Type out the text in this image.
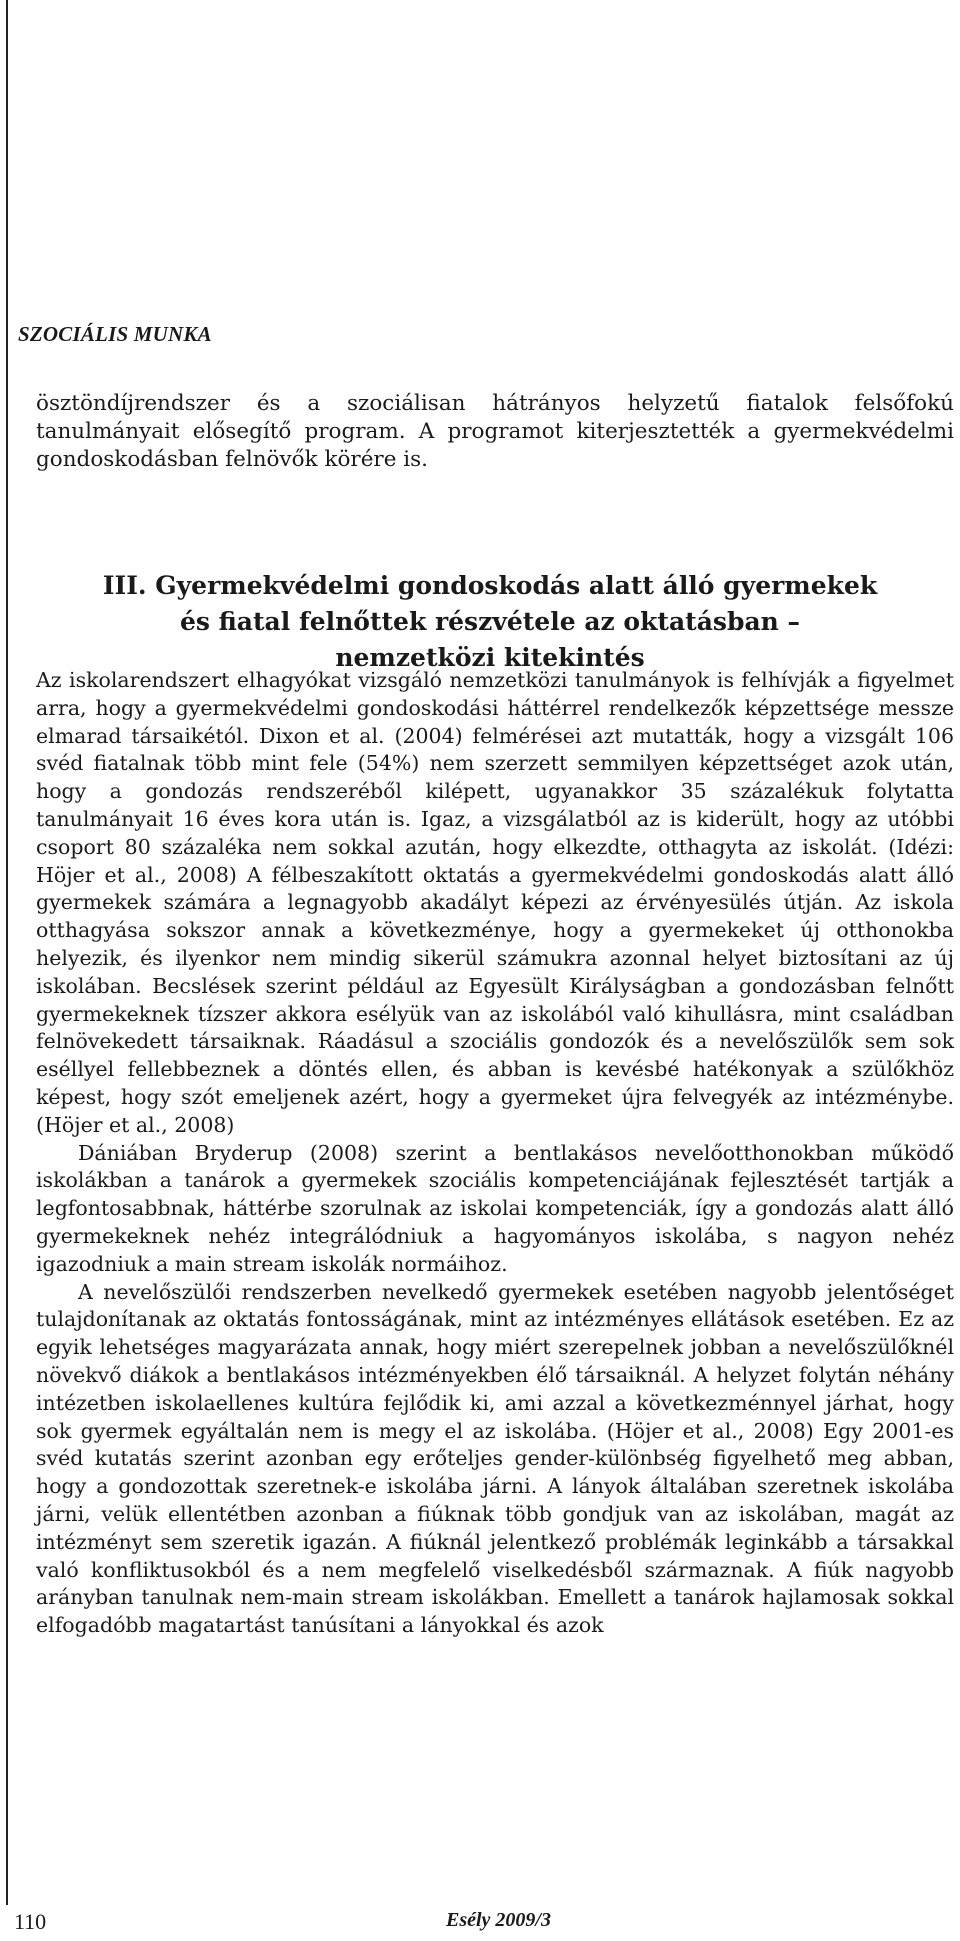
SZOCIÁLIS MUNKA

ösztöndíjrendszer és a szociálisan hátrányos helyzetű fiatalok felsőfokú tanulmányait elősegítő program. A programot kiterjesztették a gyermekvédelmi gondoskodásban felnövők körére is.

III. Gyermekvédelmi gondoskodás alatt álló gyermekek
és fiatal felnőttek részvétele az oktatásban –
nemzetközi kitekintés

Az iskolarendszert elhagyókat vizsgáló nemzetközi tanulmányok is felhívják a figyelmet arra, hogy a gyermekvédelmi gondoskodási háttérrel rendelkezők képzettsége messze elmarad társaikétól. Dixon et al. (2004) felmérései azt mutatták, hogy a vizsgált 106 svéd fiatalnak több mint fele (54%) nem szerzett semmilyen képzettséget azok után, hogy a gondozás rendszeréből kilépett, ugyanakkor 35 százalékuk folytatta tanulmányait 16 éves kora után is. Igaz, a vizsgálatból az is kiderült, hogy az utóbbi csoport 80 százaléka nem sokkal azután, hogy elkezdte, otthagyta az iskolát. (Idézi: Höjer et al., 2008) A félbeszakított oktatás a gyermekvédelmi gondoskodás alatt álló gyermekek számára a legnagyobb akadályt képezi az érvényesülés útján. Az iskola otthagyása sokszor annak a következménye, hogy a gyermekeket új otthonokba helyezik, és ilyenkor nem mindig sikerül számukra azonnal helyet biztosítani az új iskolában. Becslések szerint például az Egyesült Királyságban a gondozásban felnőtt gyermekeknek tízszer akkora esélyük van az iskolából való kihullásra, mint családban felnövekedett társaiknak. Ráadásul a szociális gondozók és a nevelőszülők sem sok eséllyel fellebbeznek a döntés ellen, és abban is kevésbé hatékonyak a szülőkhöz képest, hogy szót emeljenek azért, hogy a gyermeket újra felvegyék az intézménybe. (Höjer et al., 2008)

Dániában Bryderup (2008) szerint a bentlakásos nevelőotthonokban működő iskolákban a tanárok a gyermekek szociális kompetenciájának fejlesztését tartják a legfontosabbnak, háttérbe szorulnak az iskolai kompetenciák, így a gondozás alatt álló gyermekeknek nehéz integrálódniuk a hagyományos iskolába, s nagyon nehéz igazodniuk a main stream iskolák normáihoz.

A nevelőszülői rendszerben nevelkedő gyermekek esetében nagyobb jelentőséget tulajdonítanak az oktatás fontosságának, mint az intézményes ellátások esetében. Ez az egyik lehetséges magyarázata annak, hogy miért szerepelnek jobban a nevelőszülőknél növekvő diákok a bentlakásos intézményekben élő társaiknál. A helyzet folytán néhány intézetben iskolaellenes kultúra fejlődik ki, ami azzal a következménnyel járhat, hogy sok gyermek egyáltalán nem is megy el az iskolába. (Höjer et al., 2008) Egy 2001-es svéd kutatás szerint azonban egy erőteljes gender-különbség figyelhető meg abban, hogy a gondozottak szeretnek-e iskolába járni. A lányok általában szeretnek iskolába járni, velük ellentétben azonban a fiúknak több gondjuk van az iskolában, magát az intézményt sem szeretik igazán. A fiúknál jelentkező problémák leginkább a társakkal való konfliktusokból és a nem megfelelő viselkedésből származnak. A fiúk nagyobb arányban tanulnak nem-main stream iskolákban. Emellett a tanárok hajlamosak sokkal elfogadóbb magatartást tanúsítani a lányokkal és azok

110	Esély 2009/3
